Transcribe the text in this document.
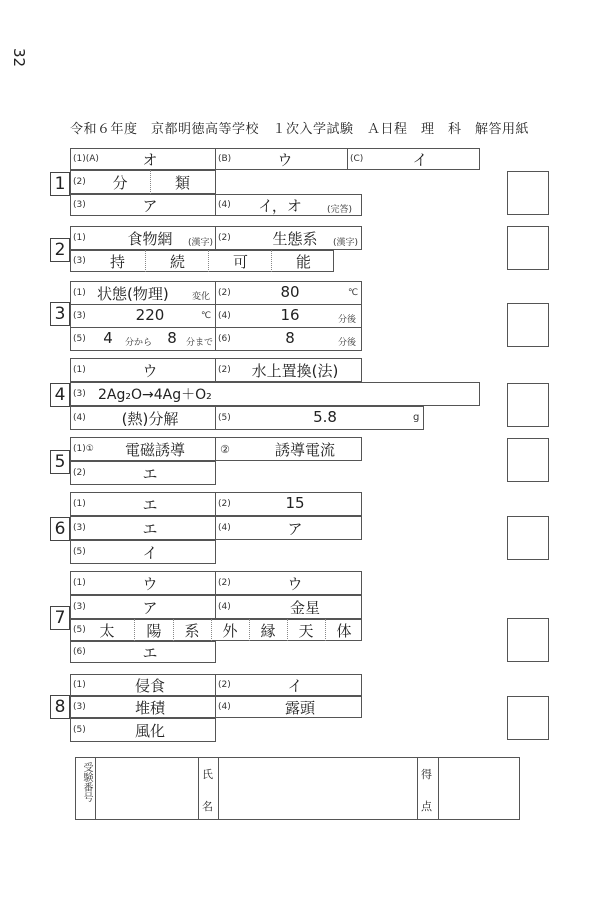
32
令和６年度　京都明徳高等学校　１次入学試験　Ａ日程　理　科　解答用紙
1
(1)(A)	オ	(B)	ウ	(C)	イ
(2)	分	類
(3)	ア	(4)	イ，オ	(完答)
2
(1)	食物網	(漢字) (2)	生態系	(漢字)
(3)	持	続	可	能
3
(1) 状態(物理)	変化 (2)	80	℃
(3)	220	℃ (4)	16	分後
(5)	4	分から	8	分まで (6)	8	分後
4
(1)	ウ	(2)	水上置換(法)
(3) 2Ag₂O→4Ag＋O₂
(4)	(熱)分解	(5)	5.8	g
5
(1)①	電磁誘導	②	誘導電流
(2)	エ
6
(1)	エ	(2)	15
(3)	エ	(4)	ア
(5)	イ
7
(1)	ウ	(2)	ウ
(3)	ア	(4)	金星
(5) 太	陽	系	外	縁	天	体
(6)	エ
8
(1)	侵食	(2)	イ
(3)	堆積	(4)	露頭
(5)	風化
受験番号	氏
名
得
点
